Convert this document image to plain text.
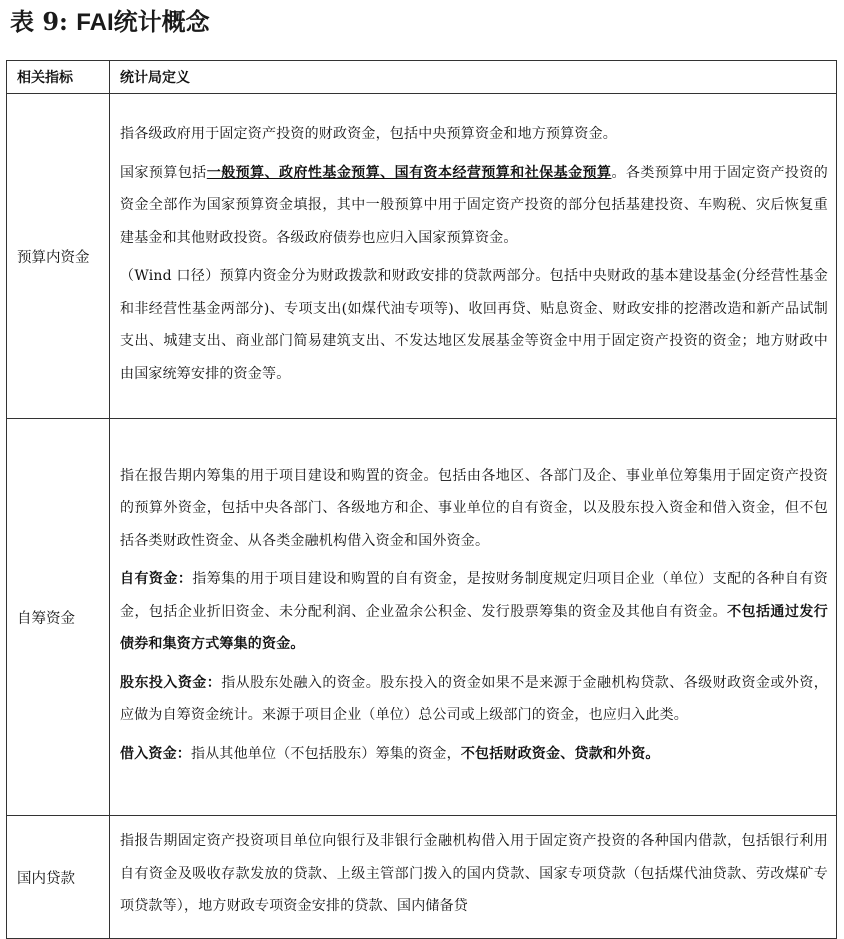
表 9: FAI统计概念
相关指标	统计局定义
预算内资金	指各级政府用于固定资产投资的财政资金，包括中央预算资金和地方预算资金。
国家预算包括一般预算、政府性基金预算、国有资本经营预算和社保基金预算。各类预算中用于固定资产投资的资金全部作为国家预算资金填报，其中一般预算中用于固定资产投资的部分包括基建投资、车购税、灾后恢复重建基金和其他财政投资。各级政府债券也应归入国家预算资金。
（Wind 口径）预算内资金分为财政拨款和财政安排的贷款两部分。包括中央财政的基本建设基金(分经营性基金和非经营性基金两部分)、专项支出(如煤代油专项等)、收回再贷、贴息资金、财政安排的挖潜改造和新产品试制支出、城建支出、商业部门简易建筑支出、不发达地区发展基金等资金中用于固定资产投资的资金；地方财政中由国家统筹安排的资金等。

自筹资金	指在报告期内筹集的用于项目建设和购置的资金。包括由各地区、各部门及企、事业单位筹集用于固定资产投资的预算外资金，包括中央各部门、各级地方和企、事业单位的自有资金，以及股东投入资金和借入资金，但不包括各类财政性资金、从各类金融机构借入资金和国外资金。
自有资金：指筹集的用于项目建设和购置的自有资金，是按财务制度规定归项目企业（单位）支配的各种自有资金，包括企业折旧资金、未分配利润、企业盈余公积金、发行股票筹集的资金及其他自有资金。不包括通过发行债券和集资方式筹集的资金。
股东投入资金：指从股东处融入的资金。股东投入的资金如果不是来源于金融机构贷款、各级财政资金或外资，应做为自筹资金统计。来源于项目企业（单位）总公司或上级部门的资金，也应归入此类。
借入资金：指从其他单位（不包括股东）筹集的资金，不包括财政资金、贷款和外资。

国内贷款	指报告期固定资产投资项目单位向银行及非银行金融机构借入用于固定资产投资的各种国内借款，包括银行利用自有资金及吸收存款发放的贷款、上级主管部门拨入的国内贷款、国家专项贷款（包括煤代油贷款、劳改煤矿专项贷款等），地方财政专项资金安排的贷款、国内储备贷
